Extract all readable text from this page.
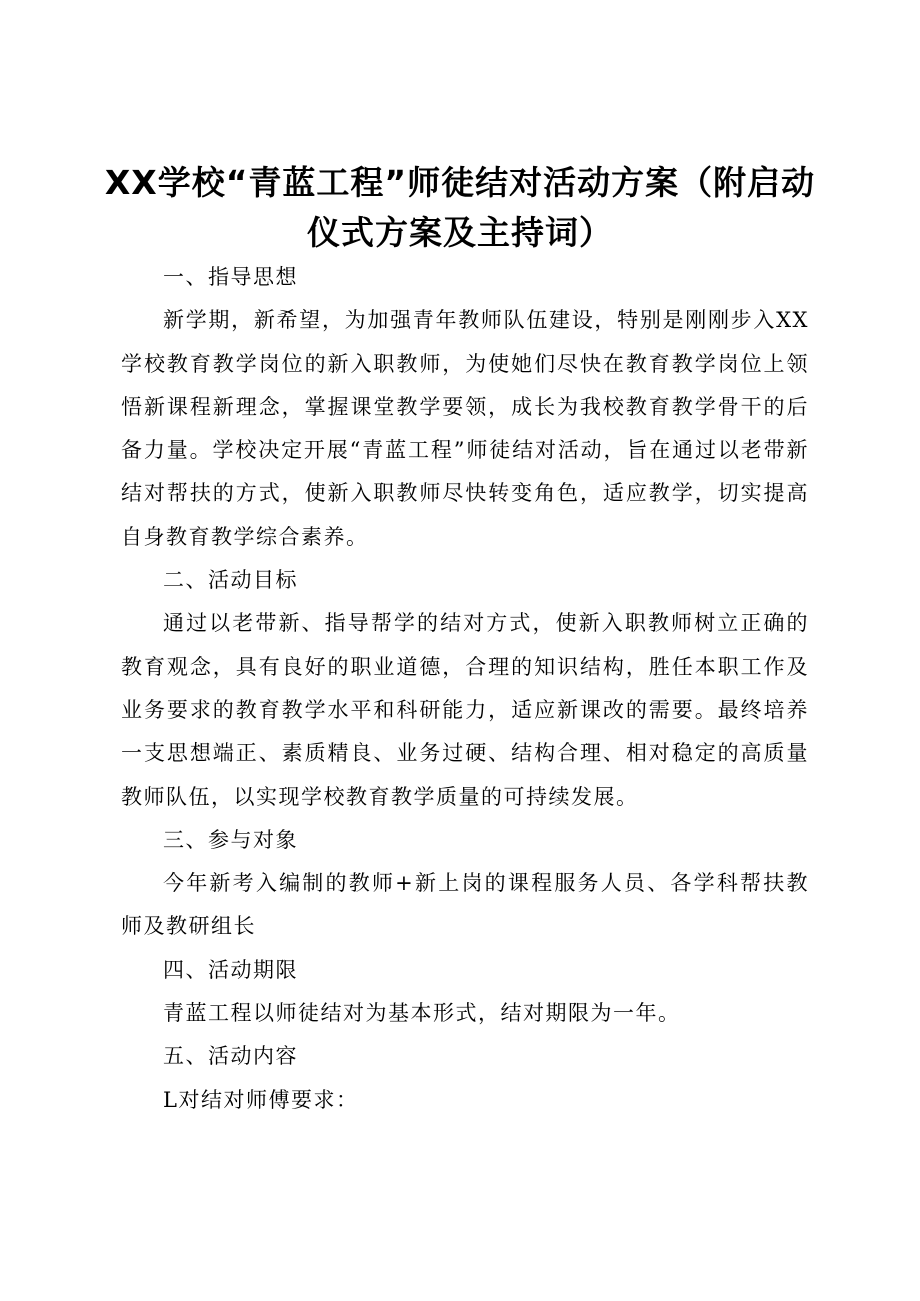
XX学校“青蓝工程”师徒结对活动方案（附启动仪式方案及主持词）

一、指导思想

新学期，新希望，为加强青年教师队伍建设，特别是刚刚步入XX学校教育教学岗位的新入职教师，为使她们尽快在教育教学岗位上领悟新课程新理念，掌握课堂教学要领，成长为我校教育教学骨干的后备力量。学校决定开展“青蓝工程”师徒结对活动，旨在通过以老带新结对帮扶的方式，使新入职教师尽快转变角色，适应教学，切实提高自身教育教学综合素养。

二、活动目标

通过以老带新、指导帮学的结对方式，使新入职教师树立正确的教育观念，具有良好的职业道德，合理的知识结构，胜任本职工作及业务要求的教育教学水平和科研能力，适应新课改的需要。最终培养一支思想端正、素质精良、业务过硬、结构合理、相对稳定的高质量教师队伍，以实现学校教育教学质量的可持续发展。

三、参与对象

今年新考入编制的教师+新上岗的课程服务人员、各学科帮扶教师及教研组长

四、活动期限

青蓝工程以师徒结对为基本形式，结对期限为一年。

五、活动内容

L对结对师傅要求：
